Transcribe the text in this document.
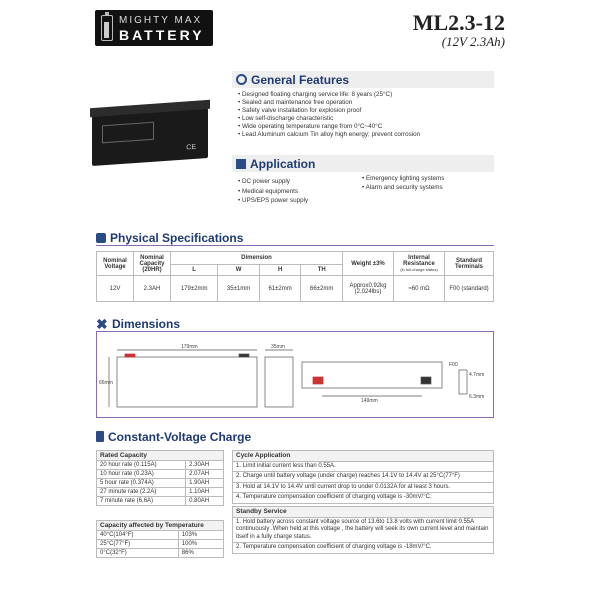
MIGHTY MAX
BATTERY	ML2.3-12
(12V 2.3Ah)
CE
General Features
• Designed floating charging service life: 8 years (25°C)
• Sealed and maintenance free operation
• Safety valve installation for explosion proof
• Low self-discharge characteristic
• Wide operating temperature range from 0°C~40°C
• Lead Aluminum calcium Tin alloy high energy; prevent corrosion
Application
• DC power supply
• Medical equipments
• UPS/EPS power supply
• Emergency lighting systems
• Alarm and security systems
Physical Specifications
Nominal Voltage	Nominal Capacity (20HR)	Dimension				Weight ±3%	Internal Resistance
(in full-charge status)	Standard Terminals
		L	W	H	TH			
12V	2.3AH	179±2mm	35±1mm	61±2mm	66±2mm	Approx0.92kg (2.024lbs)	≈60 mΩ	F00 (standard)
✖ Dimensions
179mm	35mm
66mm
149mm
F00
4.7mm
6.3mm
Constant-Voltage Charge
Rated Capacity	
20 hour rate (0.115A)	2.30AH
10 hour rate (0.23A)	2.07AH
5 hour rate (0.374A)	1.90AH
27 minute rate (2.2A)	1.10AH
7 minute rate (6.6A)	0.80AH
Capacity affected by Temperature	
40°C(104°F)	103%
25°C(77°F)	100%
0°C(32°F)	86%
Cycle Application
1. Limit initial current less than 0.55A.
2. Charge until battery voltage (under charge) reaches 14.1V to 14.4V at 25°C(77°F)
3. Hold at 14.1V to 14.4V until current drop to under 0.0132A for at least 3 hours.
4. Temperature compensation coefficient of charging voltage is -30mV/°C.
Standby Service
1. Hold battery across constant voltage source of 13.6to 13.8 volts with current limit 0.55A continuously .When held at this voltage , the battery will seek its own current level and maintain itself in a fully charge status.
2. Temperature compensation coefficient of charging voltage is -18mV/°C.
